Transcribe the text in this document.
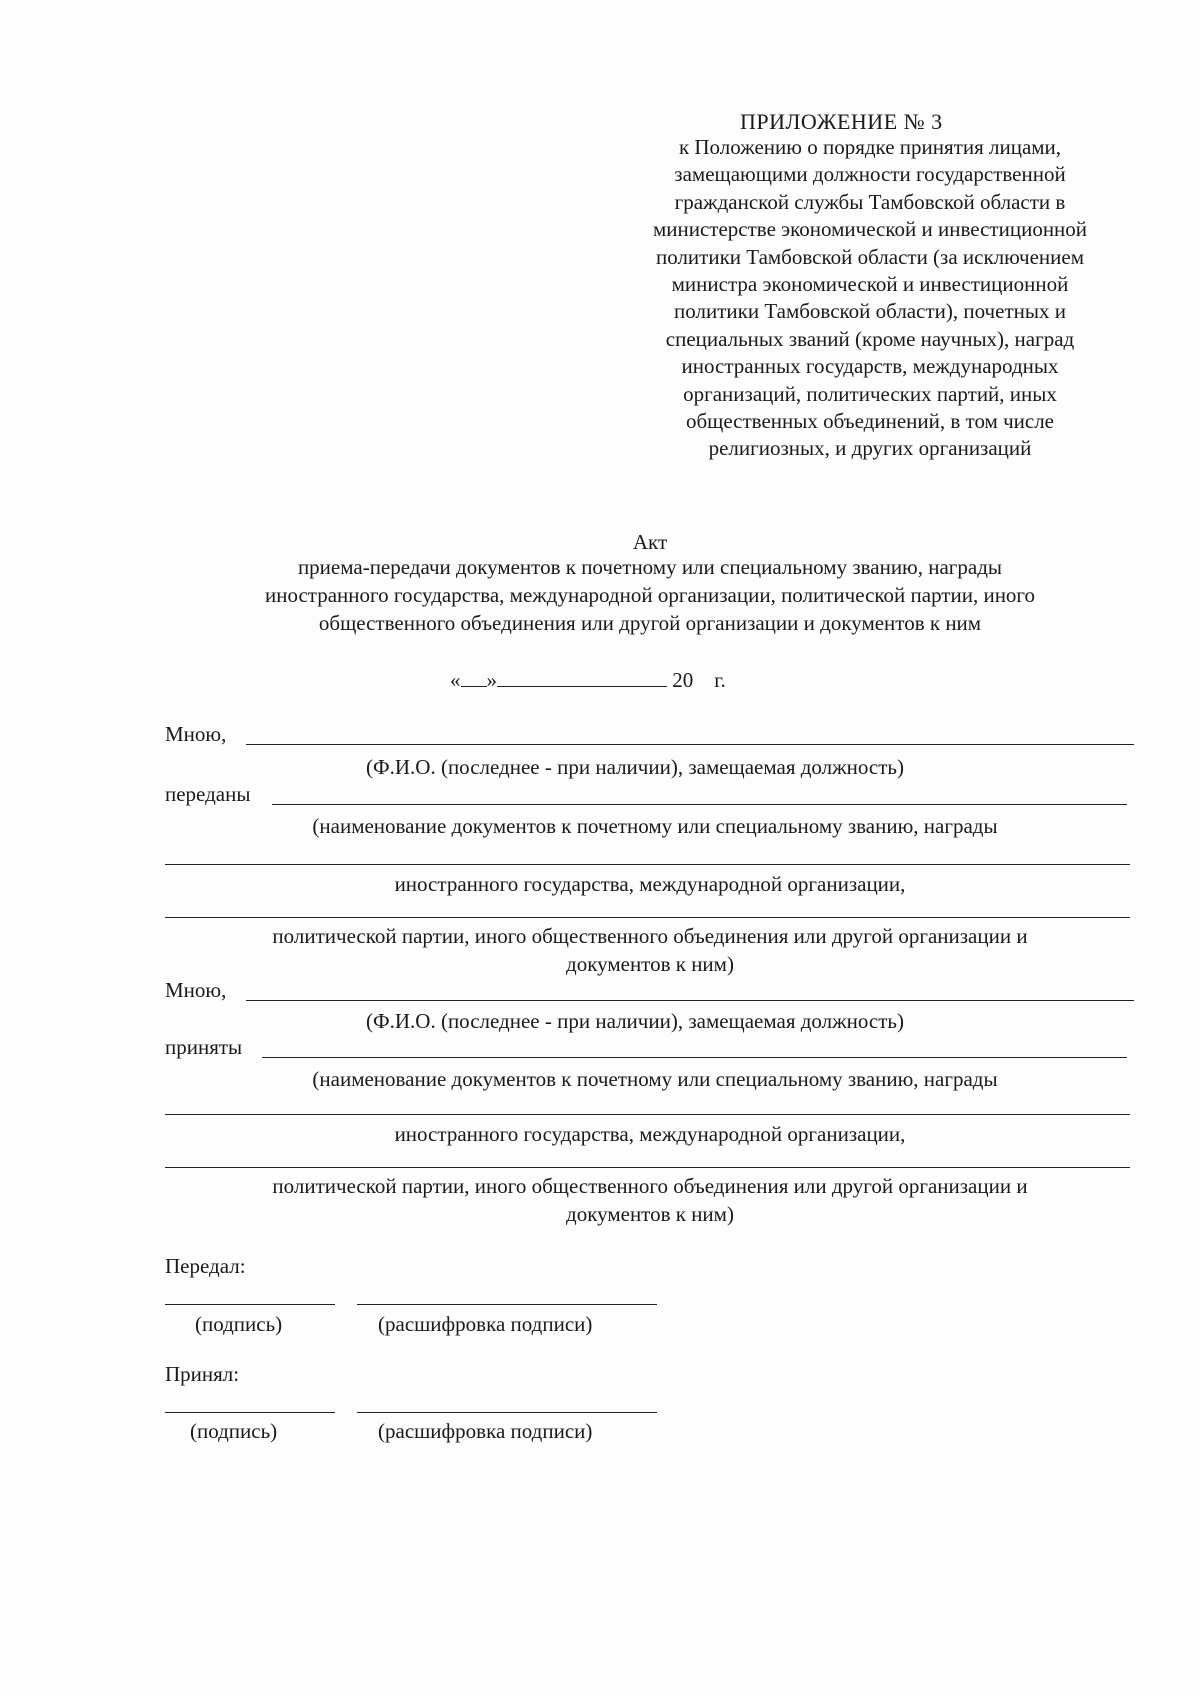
ПРИЛОЖЕНИЕ № 3
к Положению о порядке принятия лицами,
замещающими должности государственной
гражданской службы Тамбовской области в
министерстве экономической и инвестиционной
политики Тамбовской области (за исключением
министра экономической и инвестиционной
политики Тамбовской области), почетных и
специальных званий (кроме научных), наград
иностранных государств, международных
организаций, политических партий, иных
общественных объединений, в том числе
религиозных, и других организаций
Акт
приема-передачи документов к почетному или специальному званию, награды
иностранного государства, международной организации, политической партии, иного
общественного объединения или другой организации и документов к ним
« »	20 г.
Мною,
(Ф.И.О. (последнее - при наличии), замещаемая должность)
переданы
(наименование документов к почетному или специальному званию, награды
иностранного государства, международной организации,
политической партии, иного общественного объединения или другой организации и
документов к ним)
Мною,
(Ф.И.О. (последнее - при наличии), замещаемая должность)
приняты
(наименование документов к почетному или специальному званию, награды
иностранного государства, международной организации,
политической партии, иного общественного объединения или другой организации и
документов к ним)
Передал:
(подпись)	(расшифровка подписи)
Принял:
(подпись)	(расшифровка подписи)
